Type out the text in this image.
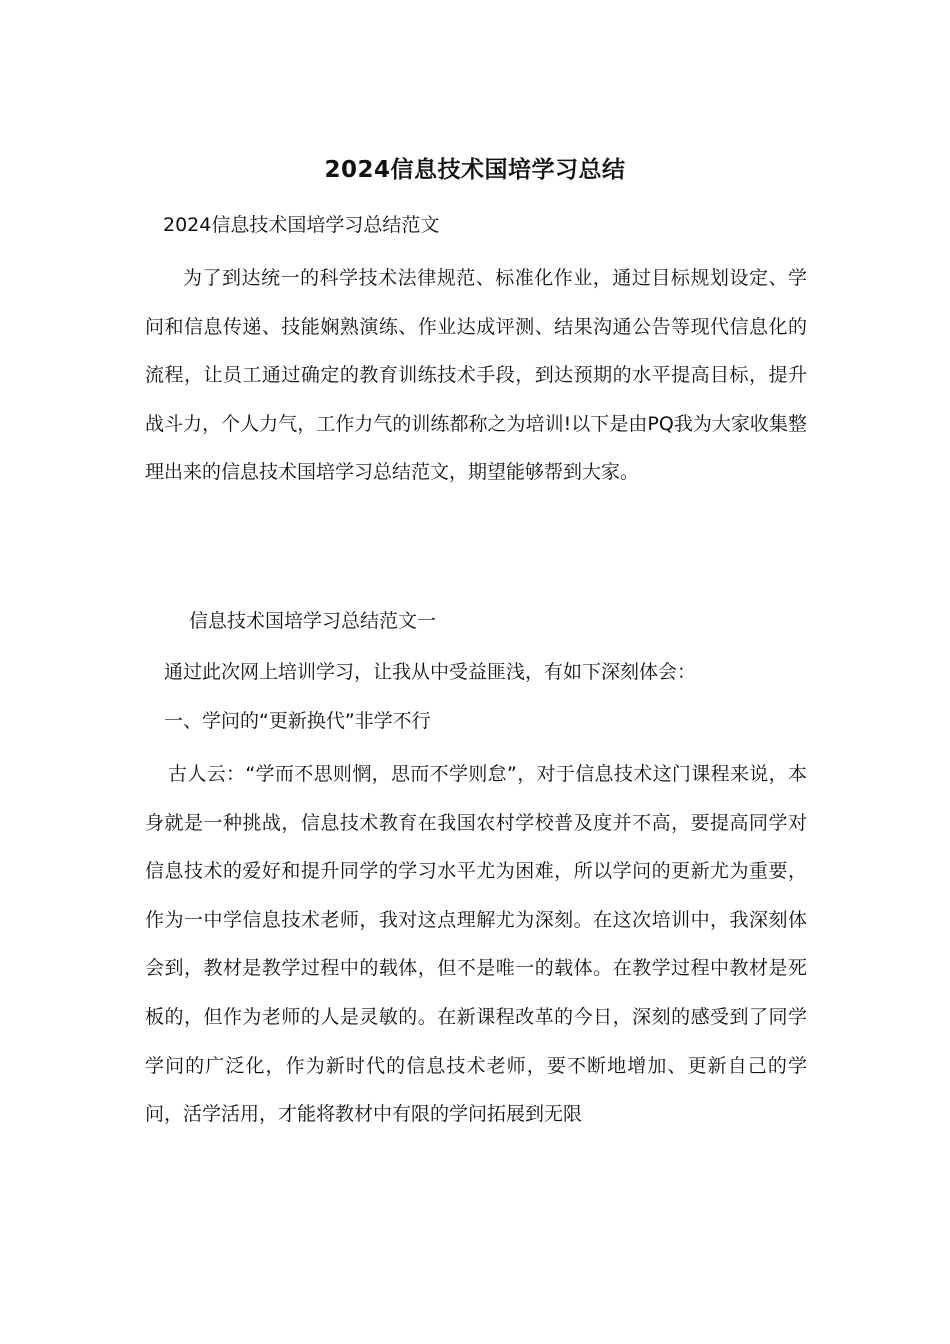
2024信息技术国培学习总结
2024信息技术国培学习总结范文

为了到达统一的科学技术法律规范、标准化作业，通过目标规划设定、学问和信息传递、技能娴熟演练、作业达成评测、结果沟通公告等现代信息化的流程，让员工通过确定的教育训练技术手段，到达预期的水平提高目标，提升战斗力，个人力气，工作力气的训练都称之为培训!以下是由PQ我为大家收集整理出来的信息技术国培学习总结范文，期望能够帮到大家。

信息技术国培学习总结范文一
通过此次网上培训学习，让我从中受益匪浅，有如下深刻体会：
一、学问的“更新换代”非学不行

古人云：“学而不思则惘，思而不学则怠”，对于信息技术这门课程来说，本身就是一种挑战，信息技术教育在我国农村学校普及度并不高，要提高同学对信息技术的爱好和提升同学的学习水平尤为困难，所以学问的更新尤为重要，作为一中学信息技术老师，我对这点理解尤为深刻。在这次培训中，我深刻体会到，教材是教学过程中的载体，但不是唯一的载体。在教学过程中教材是死板的，但作为老师的人是灵敏的。在新课程改革的今日，深刻的感受到了同学学问的广泛化，作为新时代的信息技术老师，要不断地增加、更新自己的学问，活学活用，才能将教材中有限的学问拓展到无限
